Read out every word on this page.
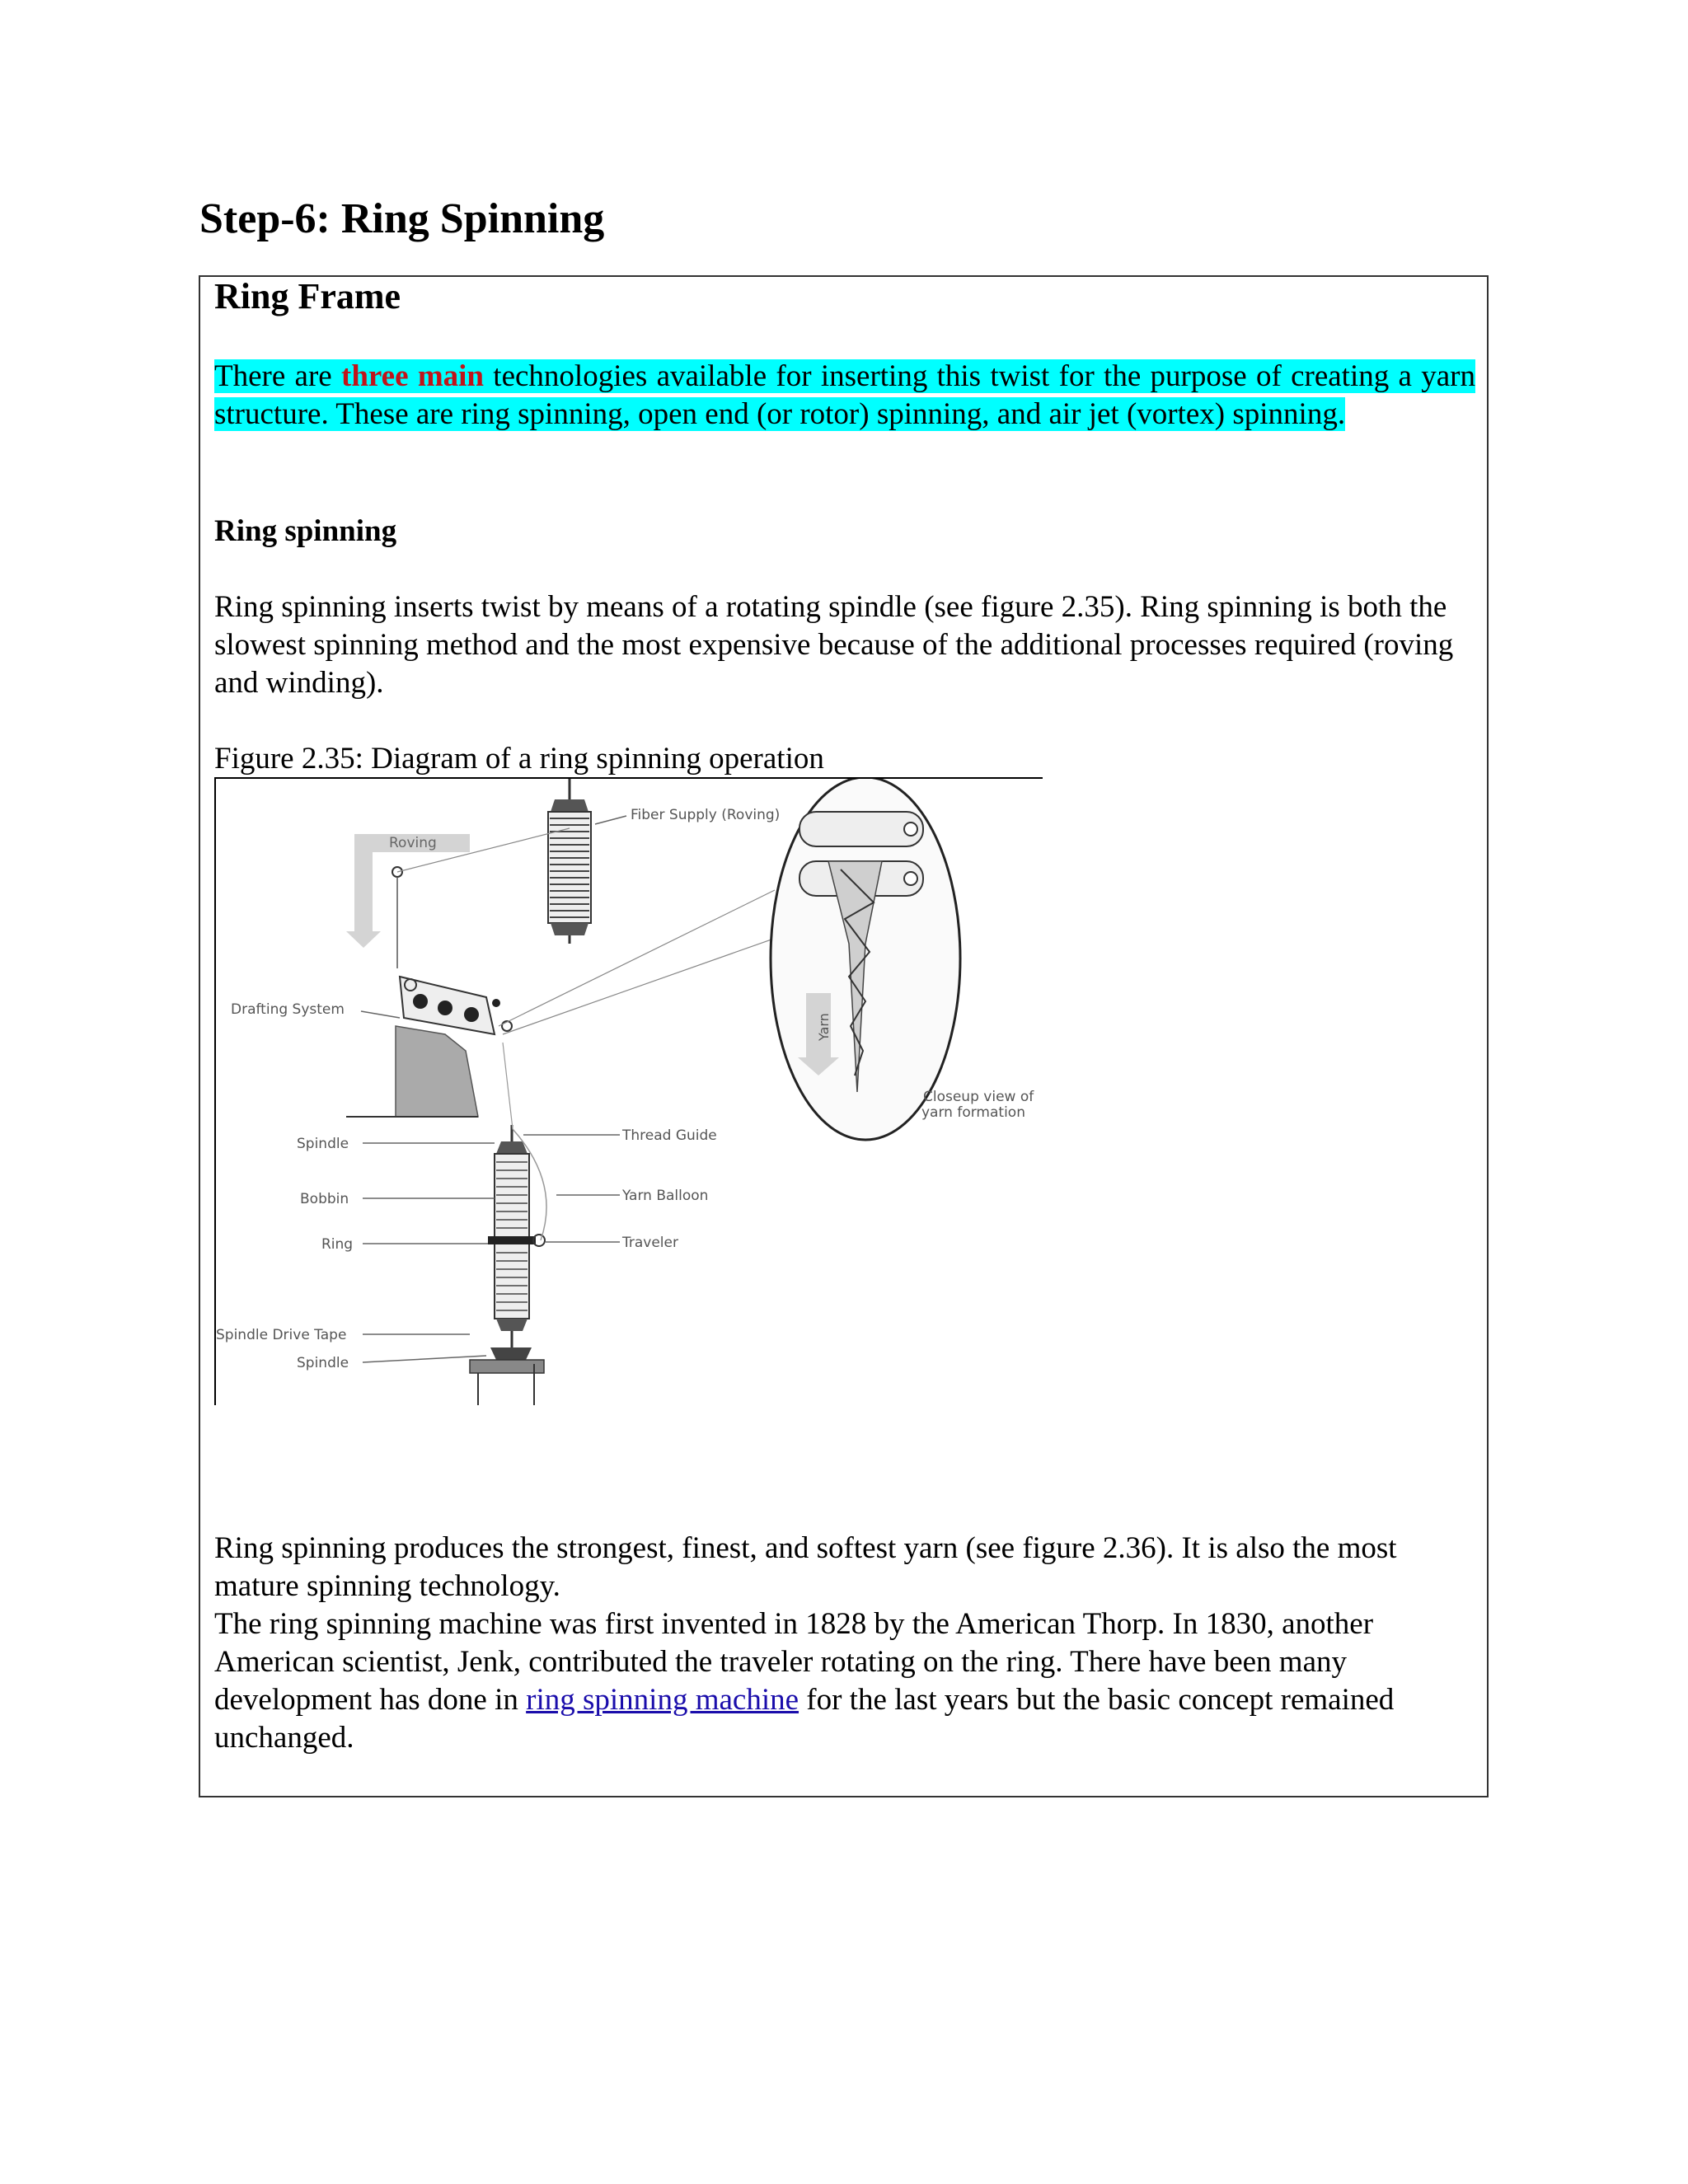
Step-6: Ring Spinning
Ring Frame

There are three main technologies available for inserting this twist for the purpose of creating a yarn structure. These are ring spinning, open end (or rotor) spinning, and air jet (vortex) spinning.

Ring spinning

Ring spinning inserts twist by means of a rotating spindle (see figure 2.35). Ring spinning is both the slowest spinning method and the most expensive because of the additional processes required (roving and winding).

Figure 2.35: Diagram of a ring spinning operation

Roving
Fiber Supply (Roving)
Drafting System
Yarn
Closeup view of
yarn formation
Spindle
Bobbin
Ring
Spindle Drive Tape
Spindle
Thread Guide
Yarn Balloon
Traveler

Ring spinning produces the strongest, finest, and softest yarn (see figure 2.36). It is also the most mature spinning technology.
The ring spinning machine was first invented in 1828 by the American Thorp. In 1830, another American scientist, Jenk, contributed the traveler rotating on the ring. There have been many development has done in ring spinning machine for the last years but the basic concept remained unchanged.
